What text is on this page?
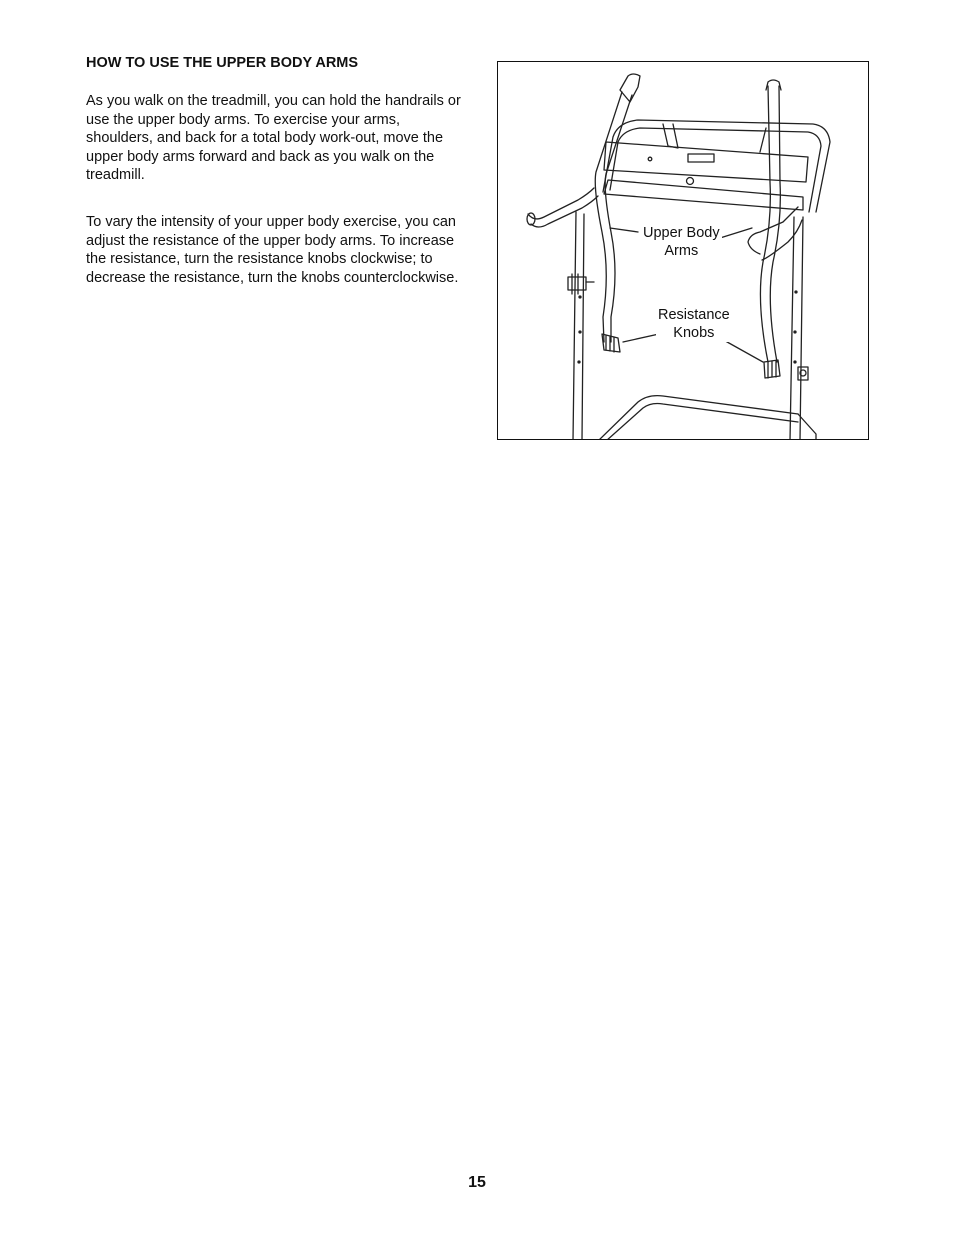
HOW TO USE THE UPPER BODY ARMS

As you walk on the treadmill, you can hold the handrails or use the upper body arms. To exercise your arms, shoulders, and back for a total body work-out, move the upper body arms forward and back as you walk on the treadmill.

To vary the intensity of your upper body exercise, you can adjust the resistance of the upper body arms. To increase the resistance, turn the resistance knobs clockwise; to decrease the resistance, turn the knobs counterclockwise.

Upper Body
Arms
Resistance
Knobs
15
